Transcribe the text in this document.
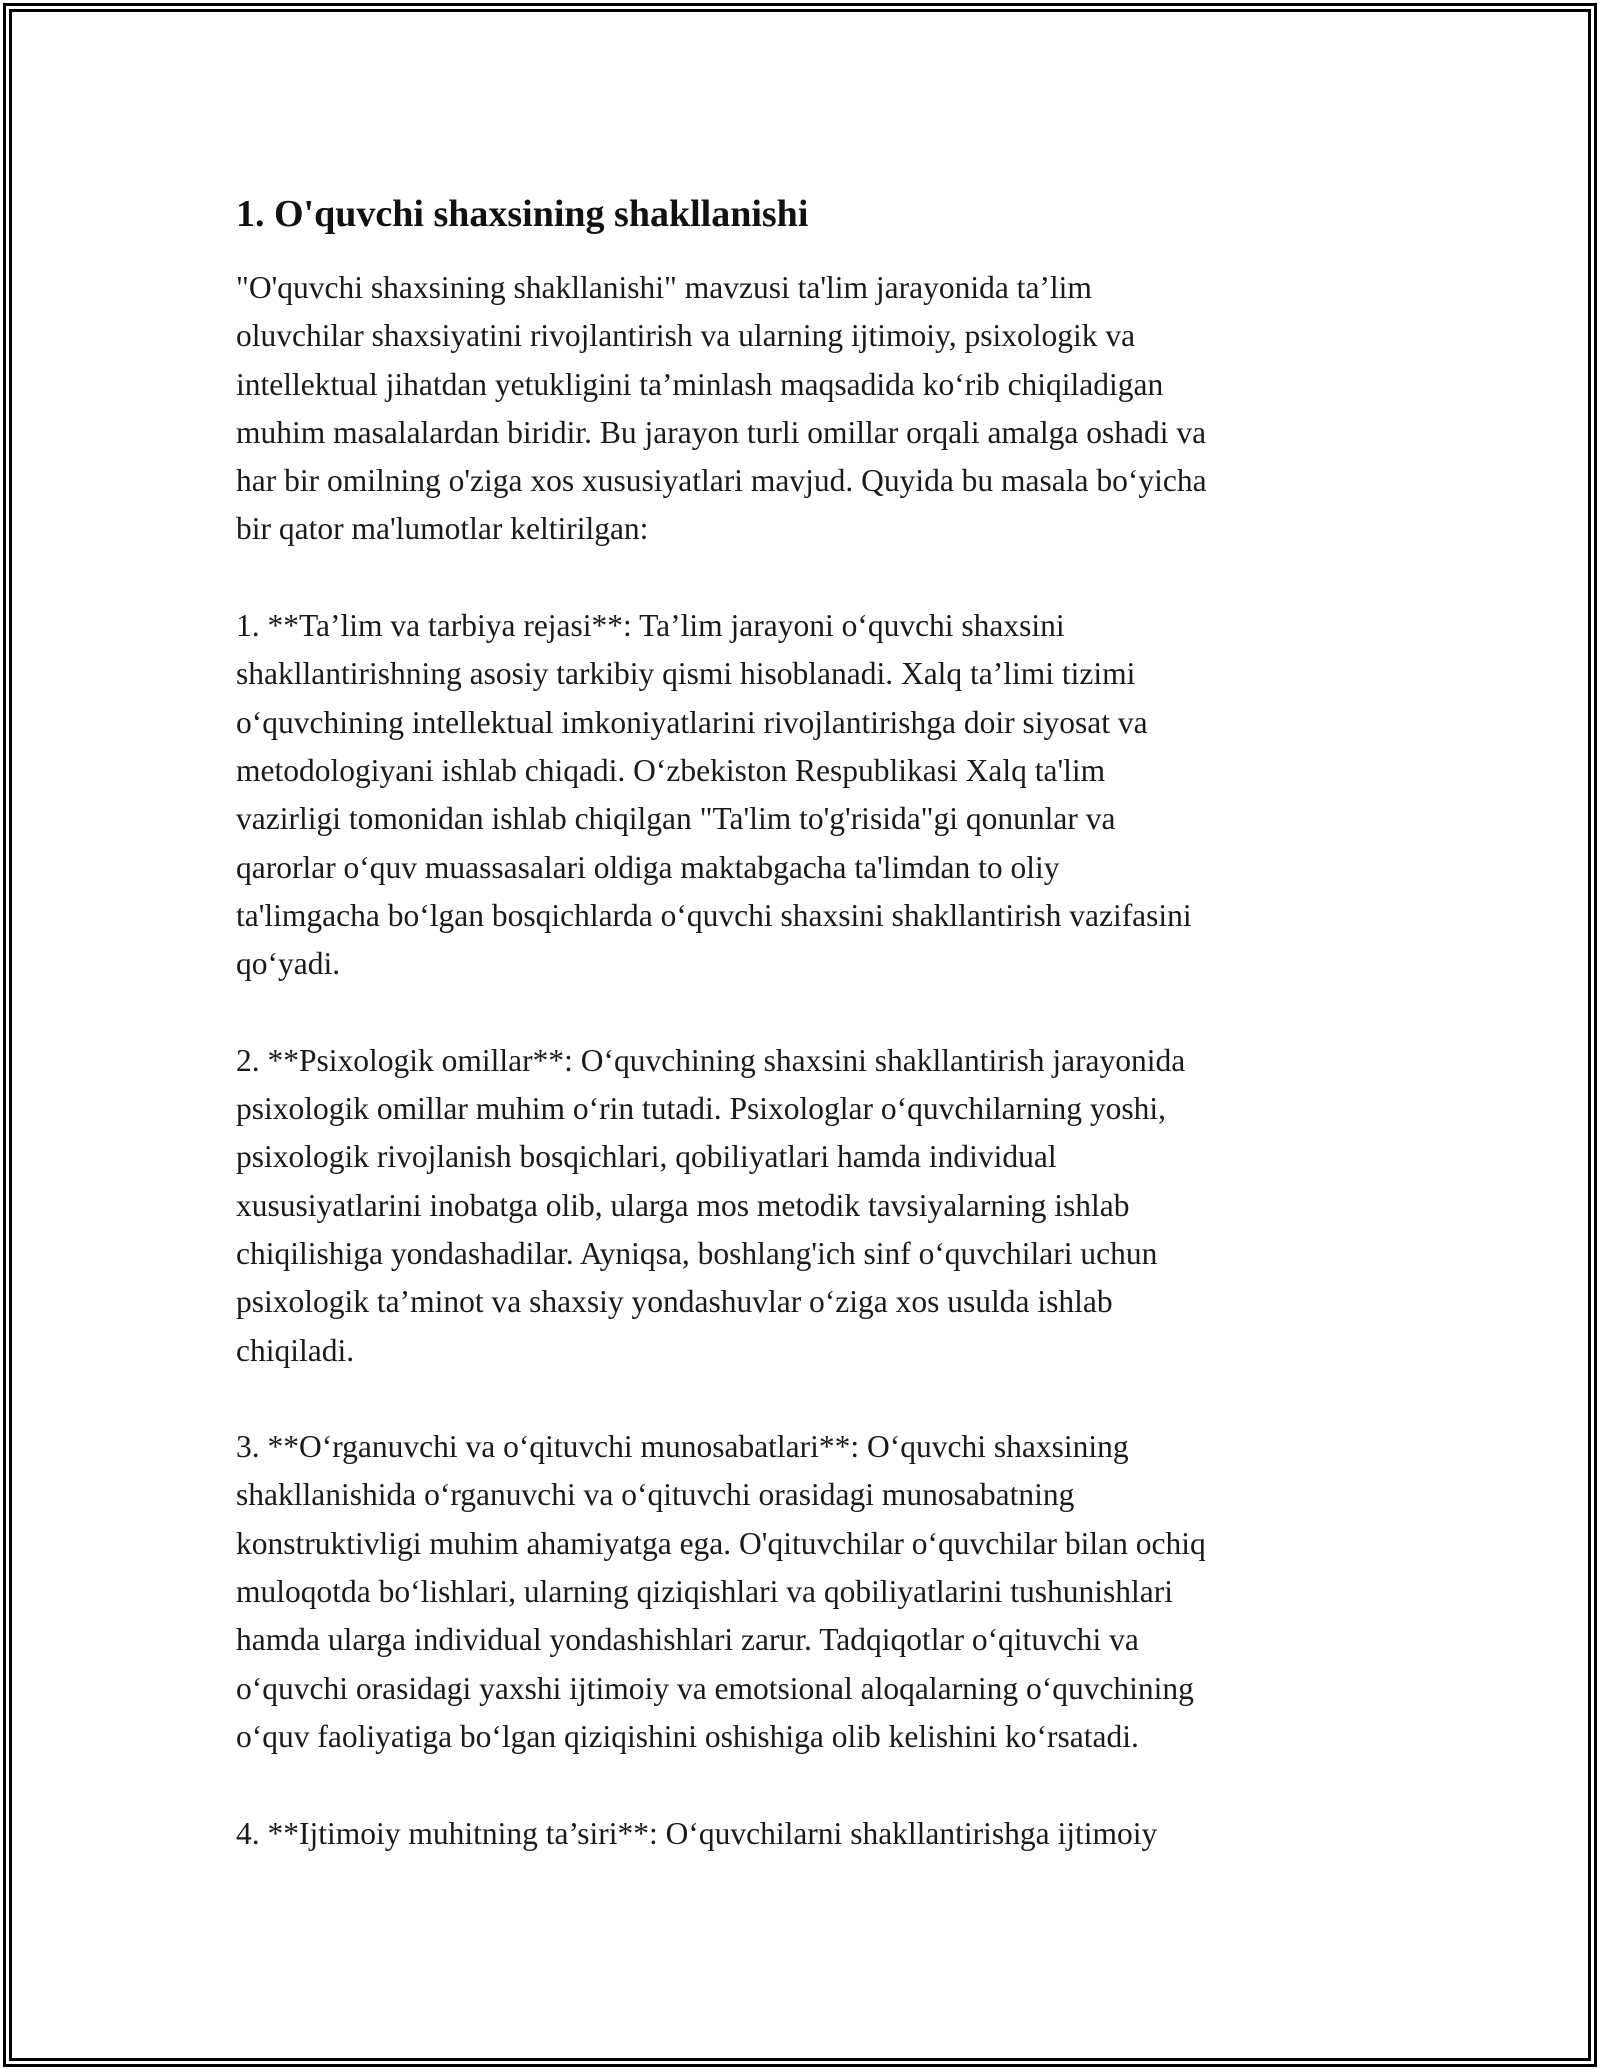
1. O'quvchi shaxsining shakllanishi
"O'quvchi shaxsining shakllanishi" mavzusi ta'lim jarayonida ta’lim
oluvchilar shaxsiyatini rivojlantirish va ularning ijtimoiy, psixologik va
intellektual jihatdan yetukligini ta’minlash maqsadida koʻrib chiqiladigan
muhim masalalardan biridir. Bu jarayon turli omillar orqali amalga oshadi va
har bir omilning o'ziga xos xususiyatlari mavjud. Quyida bu masala boʻyicha
bir qator ma'lumotlar keltirilgan:
1. **Ta’lim va tarbiya rejasi**: Ta’lim jarayoni oʻquvchi shaxsini
shakllantirishning asosiy tarkibiy qismi hisoblanadi. Xalq ta’limi tizimi
oʻquvchining intellektual imkoniyatlarini rivojlantirishga doir siyosat va
metodologiyani ishlab chiqadi. Oʻzbekiston Respublikasi Xalq ta'lim
vazirligi tomonidan ishlab chiqilgan "Ta'lim to'g'risida"gi qonunlar va
qarorlar oʻquv muassasalari oldiga maktabgacha ta'limdan to oliy
ta'limgacha boʻlgan bosqichlarda oʻquvchi shaxsini shakllantirish vazifasini
qoʻyadi.
2. **Psixologik omillar**: Oʻquvchining shaxsini shakllantirish jarayonida
psixologik omillar muhim oʻrin tutadi. Psixologlar oʻquvchilarning yoshi,
psixologik rivojlanish bosqichlari, qobiliyatlari hamda individual
xususiyatlarini inobatga olib, ularga mos metodik tavsiyalarning ishlab
chiqilishiga yondashadilar. Ayniqsa, boshlang'ich sinf oʻquvchilari uchun
psixologik ta’minot va shaxsiy yondashuvlar oʻziga xos usulda ishlab
chiqiladi.
3. **Oʻrganuvchi va oʻqituvchi munosabatlari**: Oʻquvchi shaxsining
shakllanishida oʻrganuvchi va oʻqituvchi orasidagi munosabatning
konstruktivligi muhim ahamiyatga ega. O'qituvchilar oʻquvchilar bilan ochiq
muloqotda boʻlishlari, ularning qiziqishlari va qobiliyatlarini tushunishlari
hamda ularga individual yondashishlari zarur. Tadqiqotlar oʻqituvchi va
oʻquvchi orasidagi yaxshi ijtimoiy va emotsional aloqalarning oʻquvchining
oʻquv faoliyatiga boʻlgan qiziqishini oshishiga olib kelishini koʻrsatadi.
4. **Ijtimoiy muhitning ta’siri**: Oʻquvchilarni shakllantirishga ijtimoiy
